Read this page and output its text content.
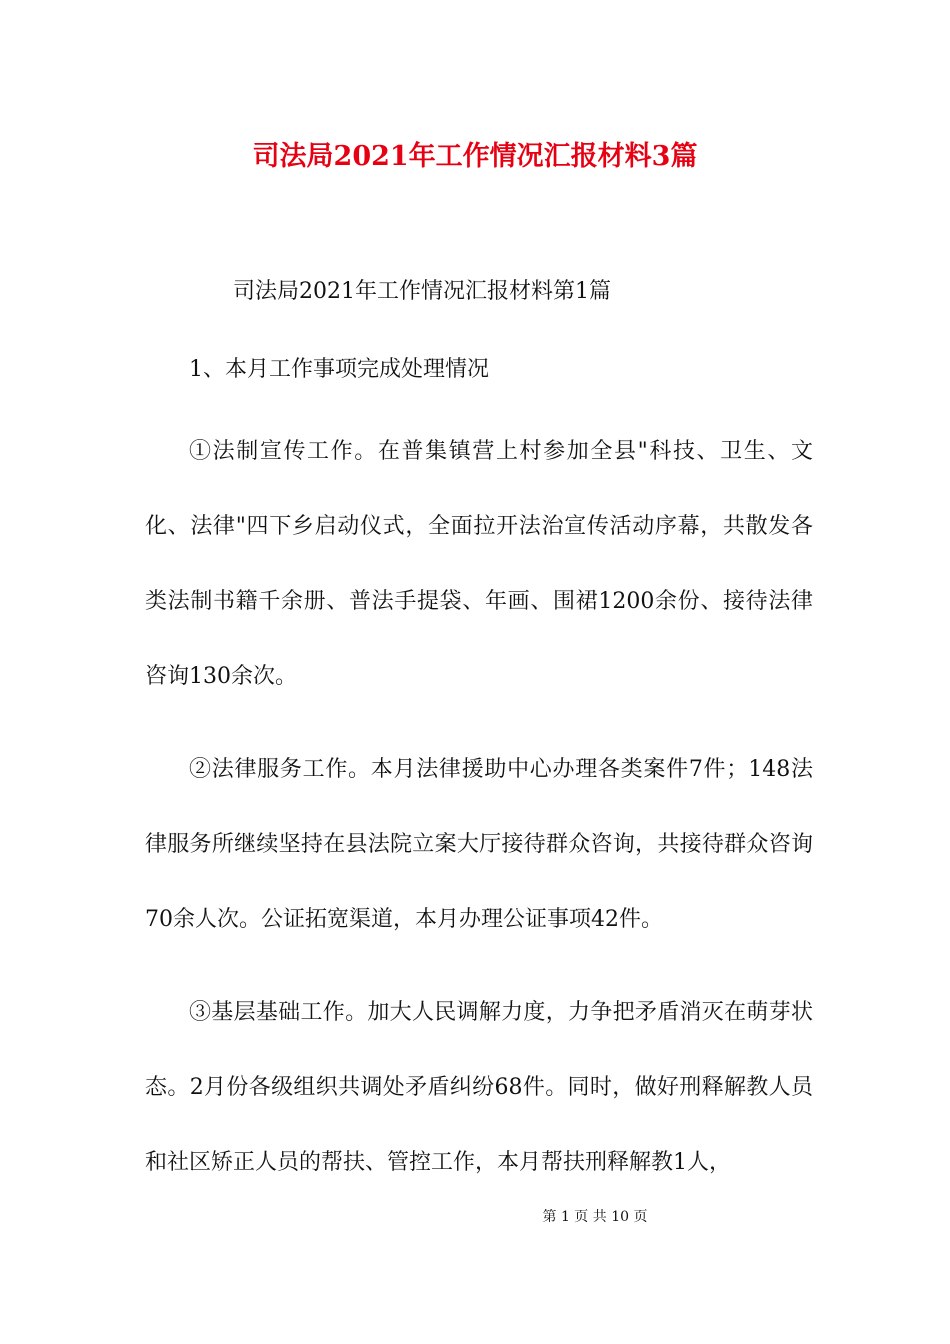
司法局2021年工作情况汇报材料3篇

司法局2021年工作情况汇报材料第1篇

1、本月工作事项完成处理情况

①法制宣传工作。在普集镇营上村参加全县"科技、卫生、文化、法律"四下乡启动仪式，全面拉开法治宣传活动序幕，共散发各类法制书籍千余册、普法手提袋、年画、围裙1200余份、接待法律咨询130余次。

②法律服务工作。本月法律援助中心办理各类案件7件；148法律服务所继续坚持在县法院立案大厅接待群众咨询，共接待群众咨询70余人次。公证拓宽渠道，本月办理公证事项42件。

③基层基础工作。加大人民调解力度，力争把矛盾消灭在萌芽状态。2月份各级组织共调处矛盾纠纷68件。同时，做好刑释解教人员和社区矫正人员的帮扶、管控工作，本月帮扶刑释解教1人，

第 1 页 共 10 页
